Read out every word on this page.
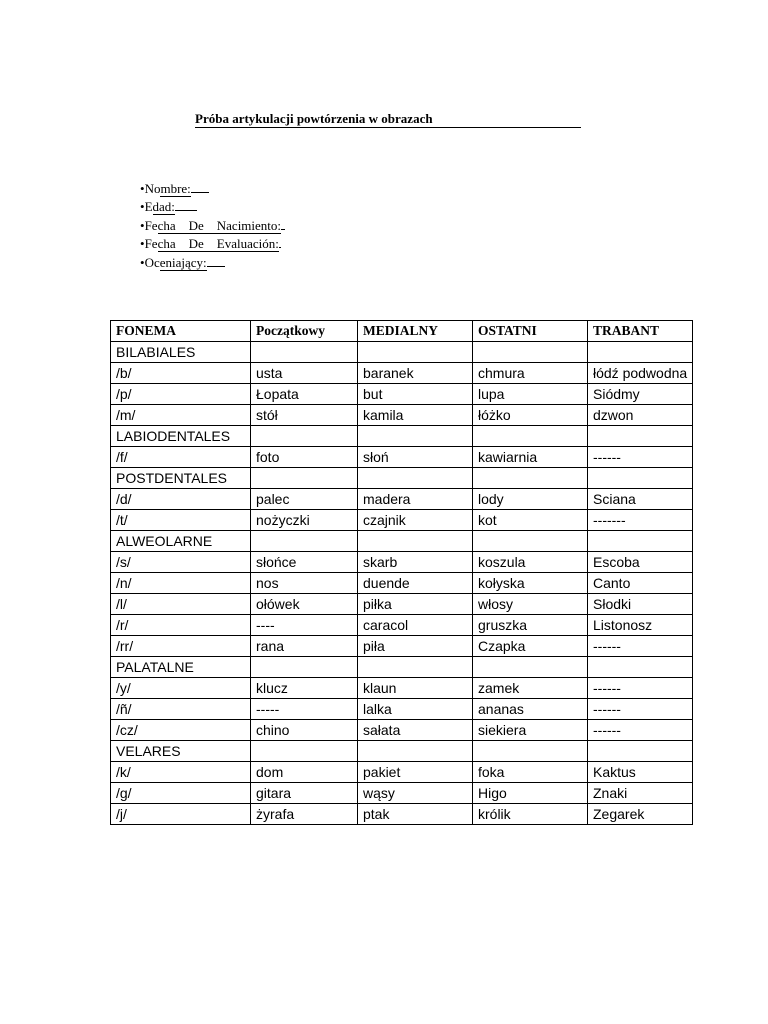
Próba artykulacji powtórzenia w obrazach
•Nombre:
•Edad:
•Fecha    De    Nacimiento:
•Fecha    De    Evaluación:
•Oceniający:
FONEMA	Początkowy	MEDIALNY	OSTATNI	TRABANT
BILABIALES				
/b/	usta	baranek	chmura	łódź podwodna
/p/	Łopata	but	lupa	Siódmy
/m/	stół	kamila	łóżko	dzwon
LABIODENTALES				
/f/	foto	słoń	kawiarnia	------
POSTDENTALES				
/d/	palec	madera	lody	Sciana
/t/	nożyczki	czajnik	kot	-------
ALWEOLARNE				
/s/	słońce	skarb	koszula	Escoba
/n/	nos	duende	kołyska	Canto
/l/	ołówek	piłka	włosy	Słodki
/r/	----	caracol	gruszka	Listonosz
/rr/	rana	piła	Czapka	------
PALATALNE				
/y/	klucz	klaun	zamek	------
/ñ/	-----	lalka	ananas	------
/cz/	chino	sałata	siekiera	------
VELARES				
/k/	dom	pakiet	foka	Kaktus
/g/	gitara	wąsy	Higo	Znaki
/j/	żyrafa	ptak	królik	Zegarek
